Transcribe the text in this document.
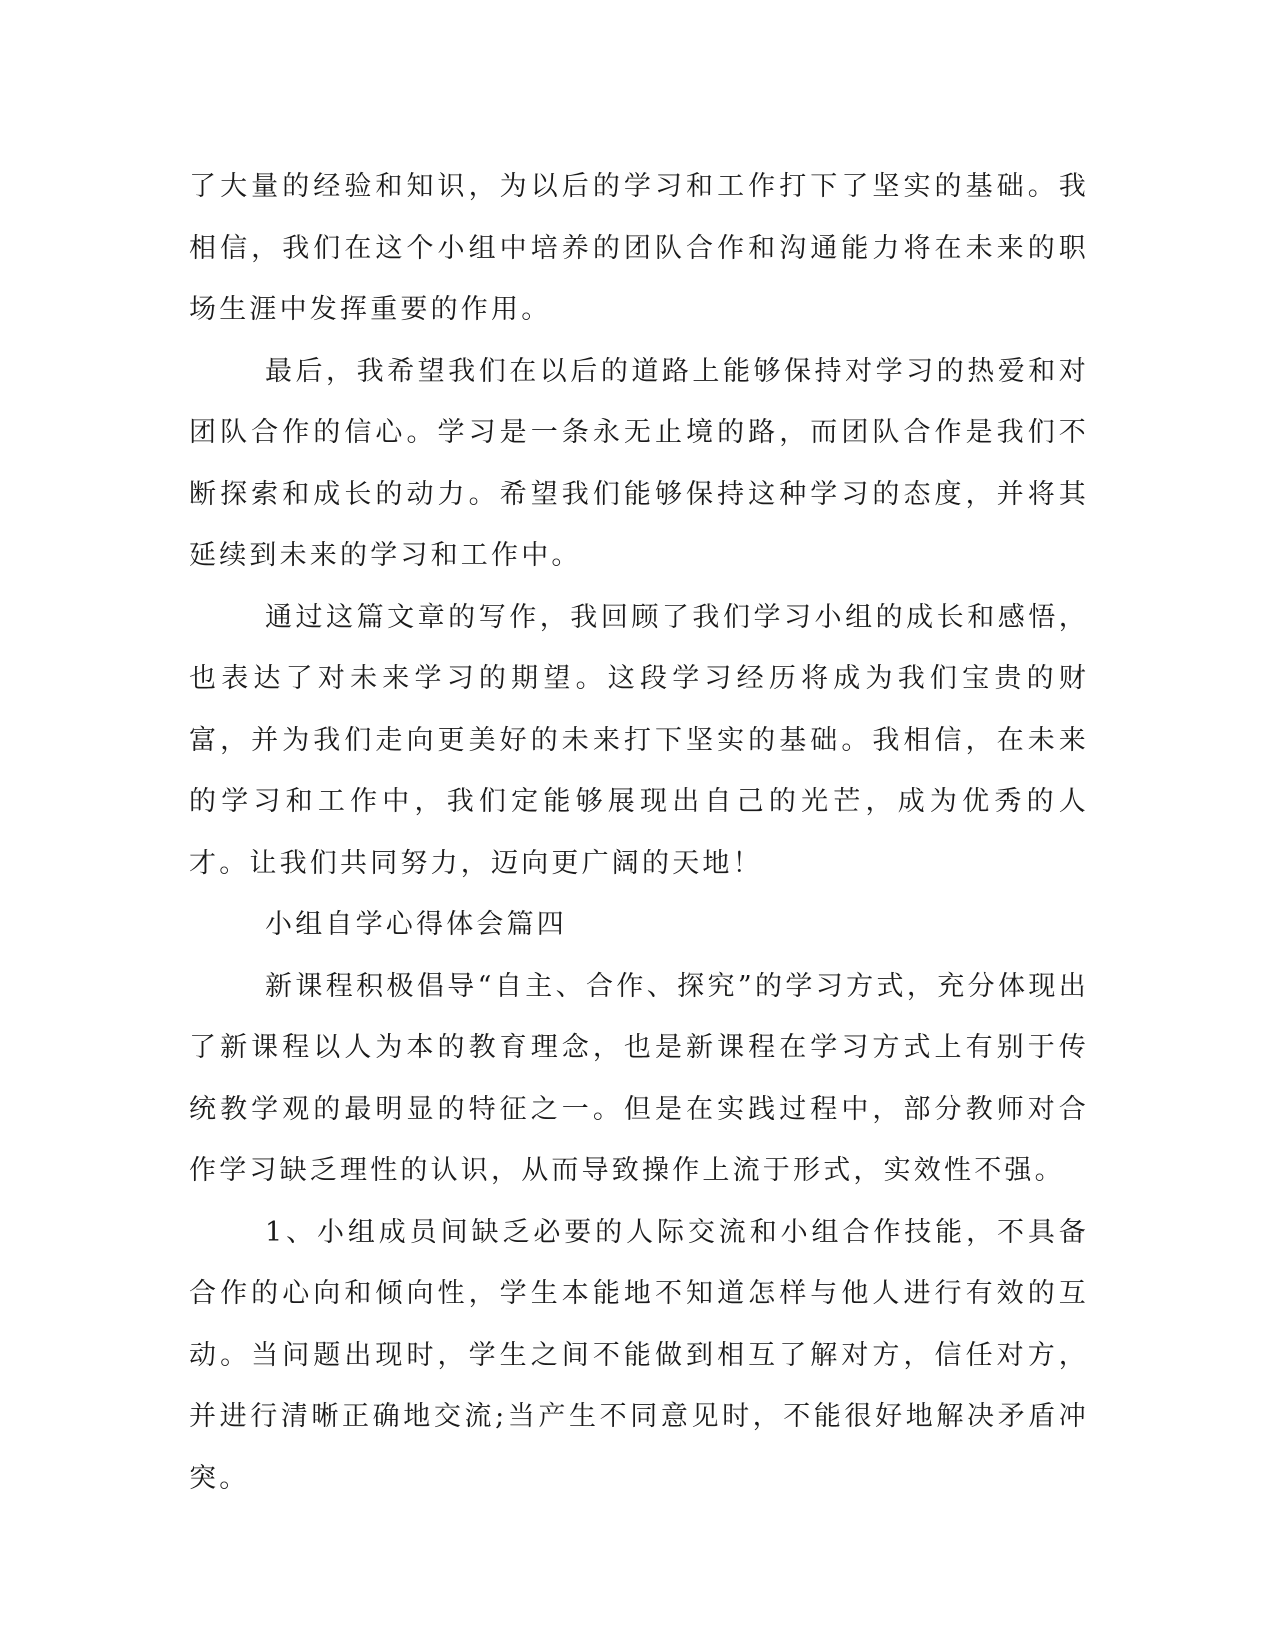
了大量的经验和知识，为以后的学习和工作打下了坚实的基础。我相信，我们在这个小组中培养的团队合作和沟通能力将在未来的职场生涯中发挥重要的作用。

最后，我希望我们在以后的道路上能够保持对学习的热爱和对团队合作的信心。学习是一条永无止境的路，而团队合作是我们不断探索和成长的动力。希望我们能够保持这种学习的态度，并将其延续到未来的学习和工作中。

通过这篇文章的写作，我回顾了我们学习小组的成长和感悟，也表达了对未来学习的期望。这段学习经历将成为我们宝贵的财富，并为我们走向更美好的未来打下坚实的基础。我相信，在未来的学习和工作中，我们定能够展现出自己的光芒，成为优秀的人才。让我们共同努力，迈向更广阔的天地！

小组自学心得体会篇四

新课程积极倡导“自主、合作、探究”的学习方式，充分体现出了新课程以人为本的教育理念，也是新课程在学习方式上有别于传统教学观的最明显的特征之一。但是在实践过程中，部分教师对合作学习缺乏理性的认识，从而导致操作上流于形式，实效性不强。

1、小组成员间缺乏必要的人际交流和小组合作技能，不具备合作的心向和倾向性，学生本能地不知道怎样与他人进行有效的互动。当问题出现时，学生之间不能做到相互了解对方，信任对方，并进行清晰正确地交流;当产生不同意见时，不能很好地解决矛盾冲突。
